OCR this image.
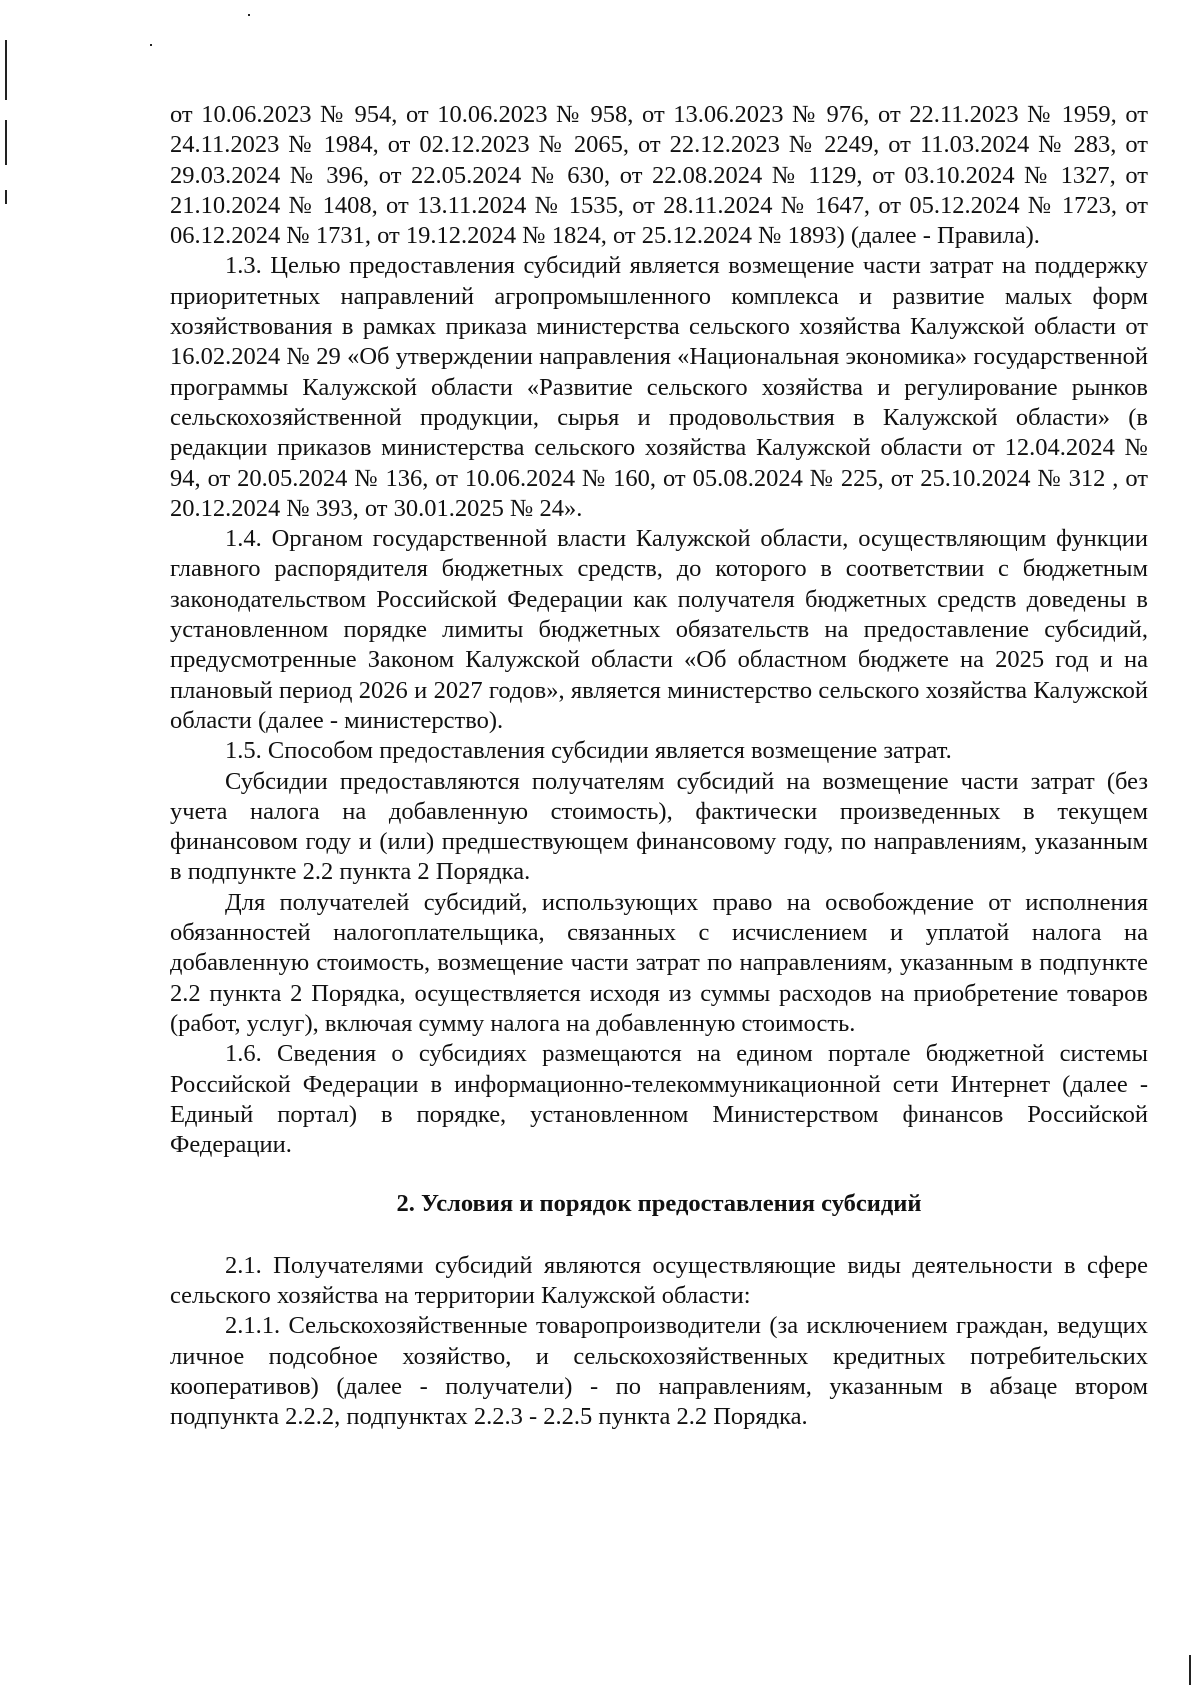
от 10.06.2023 № 954, от 10.06.2023 № 958, от 13.06.2023 № 976, от 22.11.2023 № 1959, от 24.11.2023 № 1984, от 02.12.2023 № 2065, от 22.12.2023 № 2249, от 11.03.2024 № 283, от 29.03.2024 № 396, от 22.05.2024 № 630, от 22.08.2024 № 1129, от 03.10.2024 № 1327, от 21.10.2024 № 1408, от 13.11.2024 № 1535, от 28.11.2024 № 1647, от 05.12.2024 № 1723, от 06.12.2024 № 1731, от 19.12.2024 № 1824, от 25.12.2024 № 1893) (далее - Правила).

1.3. Целью предоставления субсидий является возмещение части затрат на поддержку приоритетных направлений агропромышленного комплекса и развитие малых форм хозяйствования в рамках приказа министерства сельского хозяйства Калужской области от 16.02.2024 № 29 «Об утверждении направления «Национальная экономика» государственной программы Калужской области «Развитие сельского хозяйства и регулирование рынков сельскохозяйственной продукции, сырья и продовольствия в Калужской области» (в редакции приказов министерства сельского хозяйства Калужской области от 12.04.2024 № 94, от 20.05.2024 № 136, от 10.06.2024 № 160, от 05.08.2024 № 225, от 25.10.2024 № 312 , от 20.12.2024 № 393, от 30.01.2025 № 24».

1.4. Органом государственной власти Калужской области, осуществляющим функции главного распорядителя бюджетных средств, до которого в соответствии с бюджетным законодательством Российской Федерации как получателя бюджетных средств доведены в установленном порядке лимиты бюджетных обязательств на предоставление субсидий, предусмотренные Законом Калужской области «Об областном бюджете на 2025 год и на плановый период 2026 и 2027 годов», является министерство сельского хозяйства Калужской области (далее - министерство).

1.5. Способом предоставления субсидии является возмещение затрат.

Субсидии предоставляются получателям субсидий на возмещение части затрат (без учета налога на добавленную стоимость), фактически произведенных в текущем финансовом году и (или) предшествующем финансовому году, по направлениям, указанным в подпункте 2.2 пункта 2 Порядка.

Для получателей субсидий, использующих право на освобождение от исполнения обязанностей налогоплательщика, связанных с исчислением и уплатой налога на добавленную стоимость, возмещение части затрат по направлениям, указанным в подпункте 2.2 пункта 2 Порядка, осуществляется исходя из суммы расходов на приобретение товаров (работ, услуг), включая сумму налога на добавленную стоимость.

1.6. Сведения о субсидиях размещаются на едином портале бюджетной системы Российской Федерации в информационно-телекоммуникационной сети Интернет (далее - Единый портал) в порядке, установленном Министерством финансов Российской Федерации.

2. Условия и порядок предоставления субсидий

2.1. Получателями субсидий являются осуществляющие виды деятельности в сфере сельского хозяйства на территории Калужской области:

2.1.1. Сельскохозяйственные товаропроизводители (за исключением граждан, ведущих личное подсобное хозяйство, и сельскохозяйственных кредитных потребительских кооперативов) (далее - получатели) - по направлениям, указанным в абзаце втором подпункта 2.2.2, подпунктах 2.2.3 - 2.2.5 пункта 2.2 Порядка.
